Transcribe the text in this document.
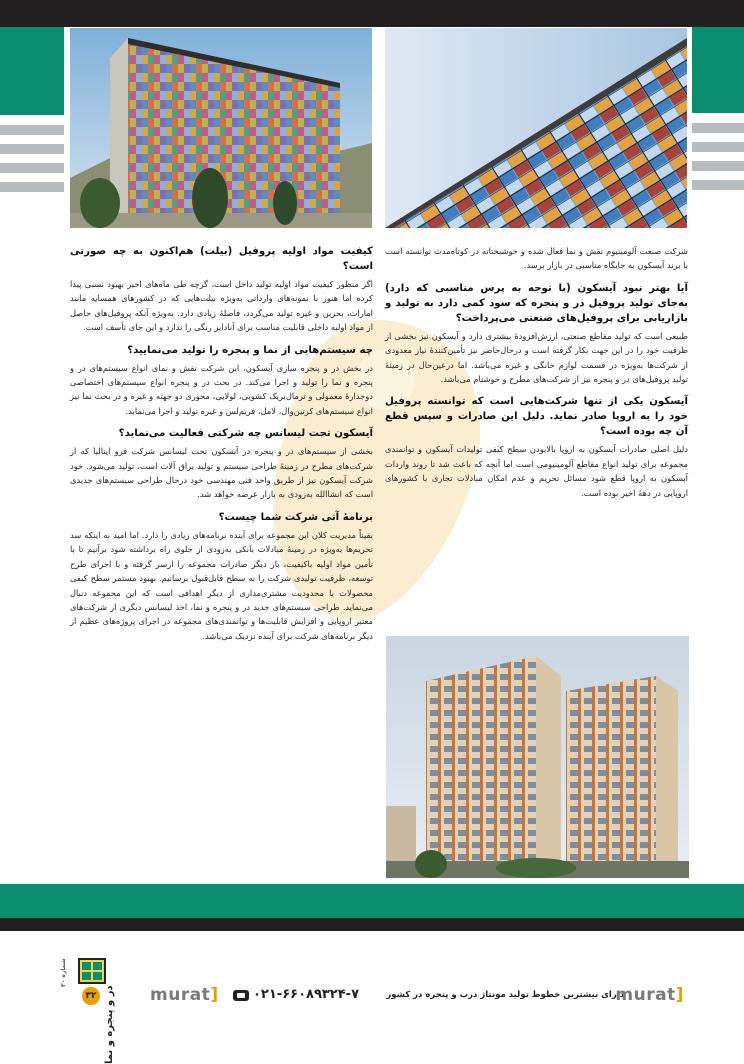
شرکت صنعت آلومینیوم نقش و نما فعال شده و خوشبختانه در کوتاه‌مدت توانسته است با برند آیسکون به جایگاه مناسبی در بازار برسد.

آیا بهتر نبود آیسکون (با توجه به پرس مناسبی که دارد) به‌جای تولید پروفیل در و پنجره که سود کمی دارد به تولید و بازاریابی برای پروفیل‌های صنعتی می‌پرداخت؟

طبیعی است که تولید مقاطع صنعتی، ارزش‌افزودهٔ بیشتری دارد و آیسکون نیز بخشی از ظرفیت خود را در این جهت بکار گرفته است و درحال‌حاضر نیز تأمین‌کنندهٔ نیاز معدودی از شرکت‌ها به‌ویژه در قسمت لوازم خانگی و غیره می‌باشد. اما درعین‌حال در زمینهٔ تولید پروفیل‌های در و پنجره نیز از شرکت‌های مطرح و خوشنام می‌باشد.

آیسکون یکی از تنها شرکت‌هایی است که توانسته پروفیل خود را به اروپا صادر نماید. دلیل این صادرات و سپس قطع آن چه بوده است؟

دلیل اصلی صادرات آیسکون به اروپا بالابودن سطح کیفی تولیدات آیسکون و توانمندی مجموعه برای تولید انواع مقاطع آلومینیومی است اما آنچه که باعث شد تا روند واردات آیسکون به اروپا قطع شود مسائل تحریم و عدم امکان مبادلات تجاری با کشورهای اروپایی در دههٔ اخیر بوده است.

کیفیت مواد اولیه پروفیل (بیلت) هم‌اکنون به چه صورتی است؟

اگر منظور کیفیت مواد اولیه تولید داخل است، گرچه طی ماه‌های اخیر بهبود نسبی پیدا کرده اما هنوز با نمونه‌های وارداتی به‌ویژه بیلت‌هایی که در کشورهای همسایه مانند امارات، بحرین و غیره تولید می‌گردد، فاصلهٔ زیادی دارد. به‌ویژه آنکه پروفیل‌های حاصل از مواد اولیه داخلی قابلیت مناسب برای آنادایز رنگی را ندارد و این جای تأسف است.

چه سیستم‌هایی از نما و پنجره را تولید می‌نمایید؟

در بخش در و پنجره سازی آیسکون، این شرکت نقش و نمای انواع سیستم‌های در و پنجره و نما را تولید و اجرا می‌کند. در بحث در و پنجره انواع سیستم‌های اختصاصی دوجدارهٔ معمولی و ترمال‌بریک کشویی، لولایی، محوری دو جهته و غیره و در بحث نما نیز انواع سیستم‌های کرتین‌وال، لامل، فریم‌لس و غیره تولید و اجرا می‌نماید.

آیسکون تحت لیسانس چه شرکتی فعالیت می‌نماید؟

بخشی از سیستم‌های در و پنجره در آیسکون تحت لیسانس شرکت فرو ایتالیا که از شرکت‌های مطرح در زمینهٔ طراحی سیستم و تولید یراق آلات است، تولید می‌شود. خود شرکت آیسکون نیز از طریق واحد فنی مهندسی خود درحال طراحی سیستم‌های جدیدی است که انشاالله به‌زودی به بازار عرضه خواهد شد.

برنامهٔ آتی شرکت شما چیست؟

یقیناً مدیریت کلان این مجموعه برای آینده برنامه‌های زیادی را دارد. اما امید به اینکه سد تحریم‌ها به‌ویژه در زمینهٔ مبادلات بانکی به‌زودی از جلوی راه برداشته شود برآنیم تا با تأمین مواد اولیه باکیفیت، بار دیگر صادرات مجموعه را ازسر گرفته و با اجرای طرح توسعه، ظرفیت تولیدی شرکت را به سطح قابل‌قبول برسانیم. بهبود مستمر سطح کیفی محصولات با محدودیت مشتری‌مداری از دیگر اهدافی است که این مجموعه دنبال می‌نماید. طراحی سیستم‌های جدید در و پنجره و نما، اخذ لیسانس دیگری از شرکت‌های معتبر اروپایی و افزایش قابلیت‌ها و توانمندی‌های مجموعه در اجرای پروژه‌های عظیم از دیگر برنامه‌های شرکت برای آینده نزدیک می‌باشد.

۳۲ در و پنجره و نما
شماره ۳۰
murat]	۰۲۱-۶۶۰۸۹۳۲۴-۷	دارای بیشترین خطوط تولید مونتاژ درب و پنجره در کشور
murat]
